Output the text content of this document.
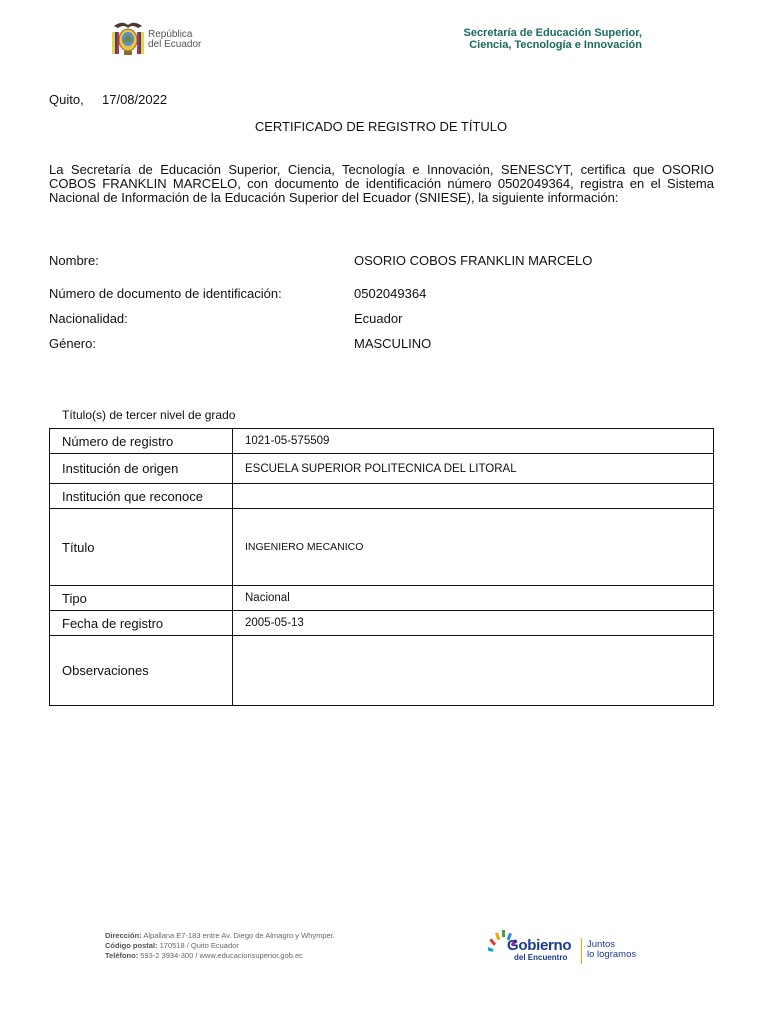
República
del Ecuador
Secretaría de Educación Superior,
Ciencia, Tecnología e Innovación
Quito, 17/08/2022
CERTIFICADO DE REGISTRO DE TÍTULO
La Secretaría de Educación Superior, Ciencia, Tecnología e Innovación, SENESCYT, certifica que OSORIO COBOS FRANKLIN MARCELO, con documento de identificación número 0502049364, registra en el Sistema Nacional de Información de la Educación Superior del Ecuador (SNIESE), la siguiente información:
Nombre:	OSORIO COBOS FRANKLIN MARCELO
Número de documento de identificación:	0502049364
Nacionalidad:	Ecuador
Género:	MASCULINO
Título(s) de tercer nivel de grado
Número de registro	1021-05-575509
Institución de origen	ESCUELA SUPERIOR POLITECNICA DEL LITORAL
Institución que reconoce	
Título	INGENIERO MECANICO
Tipo	Nacional
Fecha de registro	2005-05-13
Observaciones	
Dirección: Alpallana E7-183 entre Av. Diego de Almagro y Whymper.
Código postal: 170518 / Quito Ecuador
Teléfono: 593-2 3934-300 / www.educacionsuperior.gob.ec
Gobierno
del Encuentro
Juntos
lo logramos
